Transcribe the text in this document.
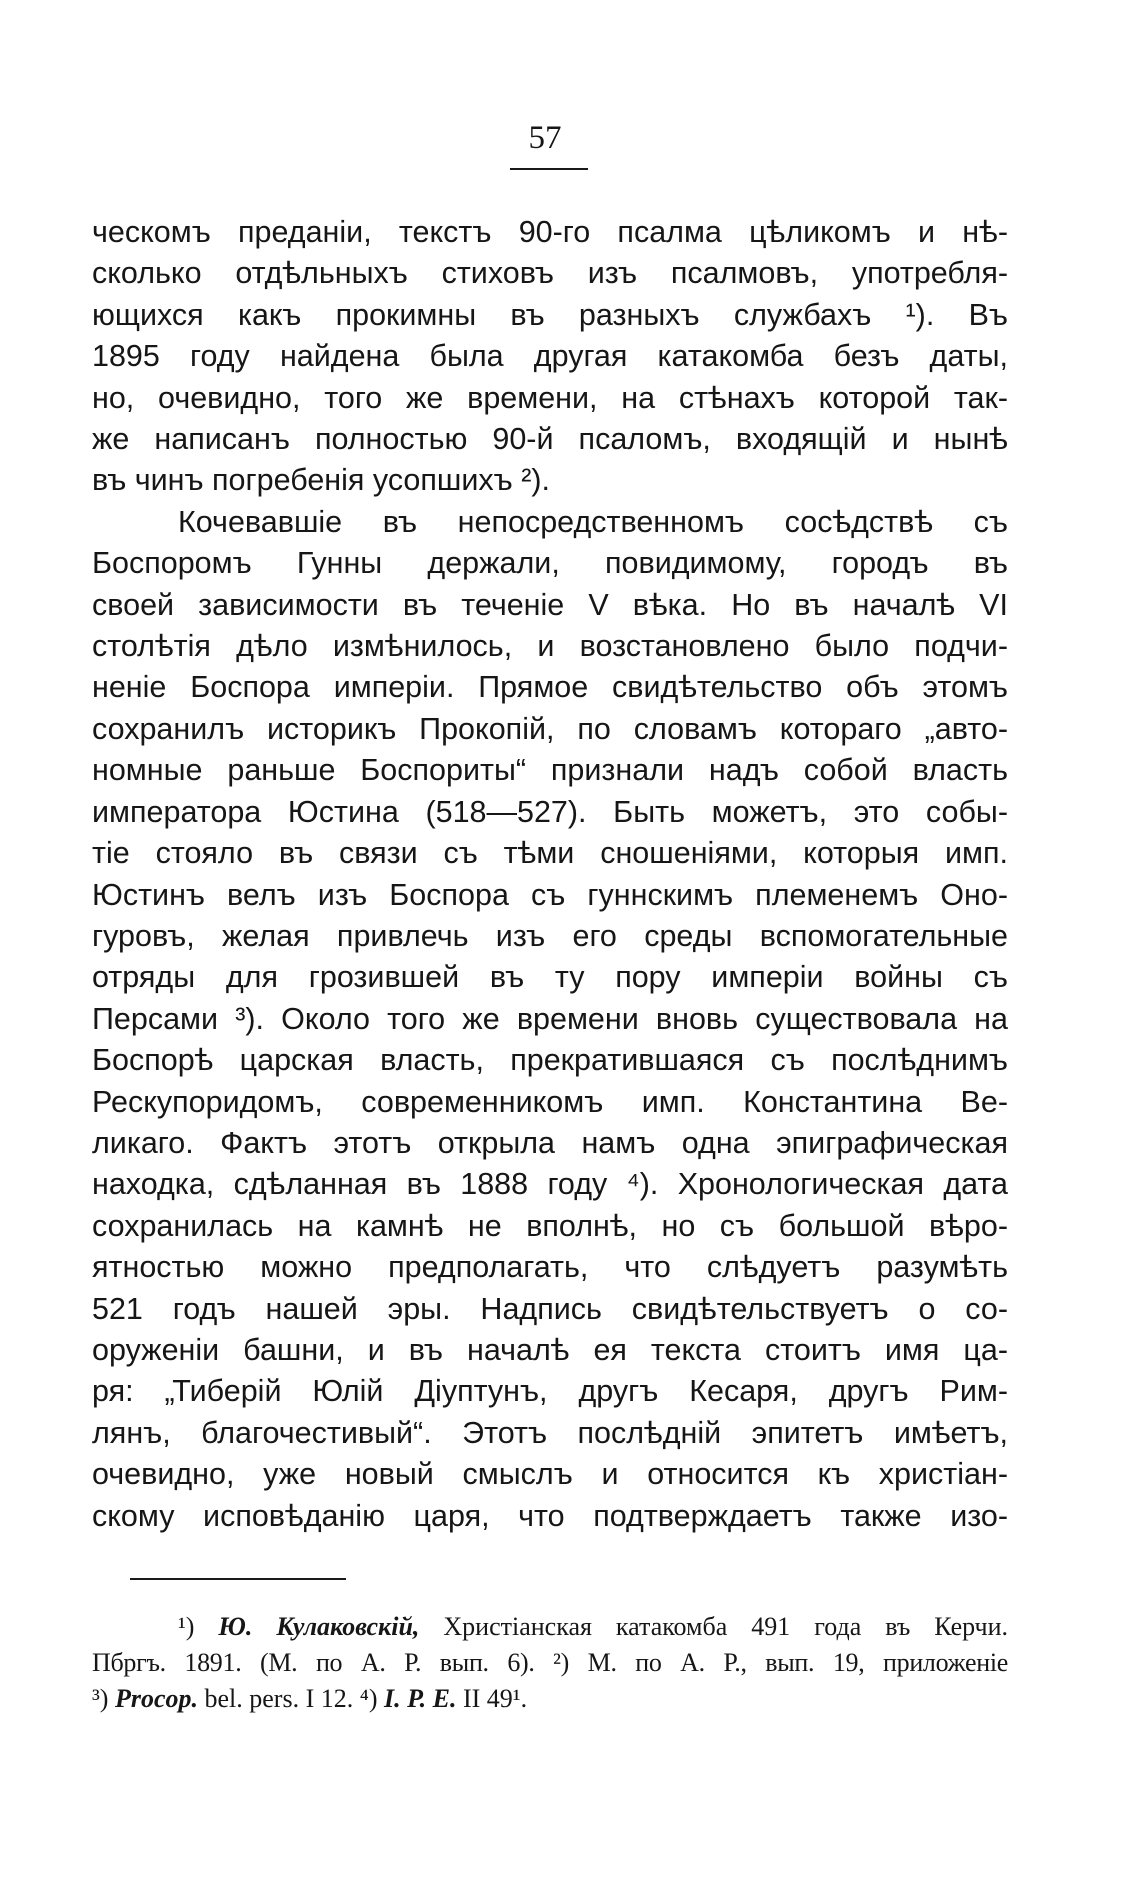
57
ческомъ преданіи, текстъ 90-го псалма цѣликомъ и нѣ-
сколько отдѣльныхъ стиховъ изъ псалмовъ, употребля-
ющихся какъ прокимны въ разныхъ службахъ ¹). Въ
1895 году найдена была другая катакомба безъ даты,
но, очевидно, того же времени, на стѣнахъ которой так-
же написанъ полностью 90-й псаломъ, входящій и нынѣ
въ чинъ погребенія усопшихъ ²).
Кочевавшіе въ непосредственномъ сосѣдствѣ съ
Боспоромъ Гунны держали, повидимому, городъ въ
своей зависимости въ теченіе V вѣка. Но въ началѣ VI
столѣтія дѣло измѣнилось, и возстановлено было подчи-
неніе Боспора имперіи. Прямое свидѣтельство объ этомъ
сохранилъ историкъ Прокопій, по словамъ котораго „авто-
номные раньше Боспориты“ признали надъ собой власть
императора Юстина (518—527). Быть можетъ, это собы-
тіе стояло въ связи съ тѣми сношеніями, которыя имп.
Юстинъ велъ изъ Боспора съ гуннскимъ племенемъ Оно-
гуровъ, желая привлечь изъ его среды вспомогательные
отряды для грозившей въ ту пору имперіи войны съ
Персами ³). Около того же времени вновь существовала на
Боспорѣ царская власть, прекратившаяся съ послѣднимъ
Рескупоридомъ, современникомъ имп. Константина Ве-
ликаго. Фактъ этотъ открыла намъ одна эпиграфическая
находка, сдѣланная въ 1888 году ⁴). Хронологическая дата
сохранилась на камнѣ не вполнѣ, но съ большой вѣро-
ятностью можно предполагать, что слѣдуетъ разумѣть
521 годъ нашей эры. Надпись свидѣтельствуетъ о со-
оруженіи башни, и въ началѣ ея текста стоитъ имя ца-
ря: „Тиберій Юлій Діуптунъ, другъ Кесаря, другъ Рим-
лянъ, благочестивый“. Этотъ послѣдній эпитетъ имѣетъ,
очевидно, уже новый смыслъ и относится къ христіан-
скому исповѣданію царя, что подтверждаетъ также изо-
¹) Ю. Кулаковскій, Христіанская катакомба 491 года въ Керчи.
Пбргъ. 1891. (М. по А. Р. вып. 6). ²) М. по А. Р., вып. 19, приложеніе
³) Procop. bel. pers. I 12. ⁴) I. P. E. II 49¹.
